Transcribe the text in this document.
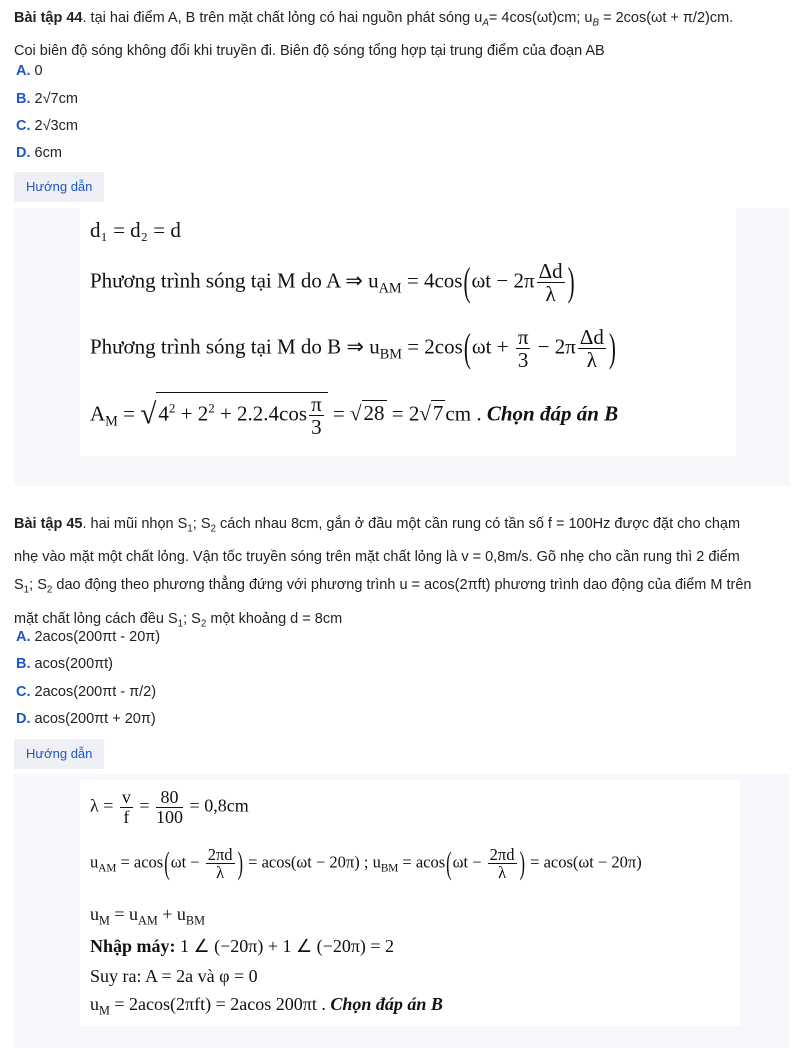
Bài tập 44. tại hai điểm A, B trên mặt chất lỏng có hai nguồn phát sóng $u_A= 4\cos(\omega t)cm$; $u_B = 2\cos(\omega t + \pi/2)cm$.
Coi biên độ sóng không đổi khi truyền đi. Biên độ sóng tổng hợp tại trung điểm của đoạn AB
A. 0
B. 2√7cm
C. 2√3cm
D. 6cm
Hướng dẫn
d₁ = d₂ = d
Phương trình sóng tại M do A ⇒ $u_{AM} = 4\cos(\omega t - 2\pi \frac{\Delta d}{\lambda}$ )
Phương trình sóng tại M do B ⇒ $u_{BM} = 2\cos(\omega t + \frac{\pi}{3} - 2\pi \frac{\Delta d}{\lambda}$ )
$A_M = √4^2 + 2^2 + 2.2.4\cos \frac{\pi}{3} = √28 = 2√7cm$ . Chọn đáp án B
Bài tập 45. hai mũi nhọn $S_1$; $S_2$ cách nhau 8cm, gắn ở đầu một cần rung có tần số f = 100Hz được đặt cho chạm
nhẹ vào mặt một chất lỏng. Vận tốc truyền sóng trên mặt chất lỏng là v = 0,8m/s. Gõ nhẹ cho cần rung thì 2 điểm
$S_1$; $S_2$ dao động theo phương thẳng đứng với phương trình u = acos(2πft) phương trình dao động của điểm M trên
mặt chất lỏng cách đều $S_1$; $S_2$ một khoảng d = 8cm
A. 2acos(200πt - 20π)
B. acos(200πt)
C. 2acos(200πt - π/2)
D. acos(200πt + 20π)
Hướng dẫn
$\lambda = \frac{v}{f} = \frac{80}{100} = 0,8cm$
$u_{AM} = acos(\omega t - \frac{2\pi d}{\lambda}$ ) = acos(ωt − 20π) ; $u_{BM} = acos(\omega t - \frac{2\pi d}{\lambda}$ ) = acos(ωt − 20π)
$u_M = u_{AM} + u_{BM}$
Nhập máy: 1 ∠ (−20π) + 1 ∠ (−20π) = 2
Suy ra: A = 2a và φ = 0
$u_M = 2acos(2\pi ft) = 2acos$ 200πt . Chọn đáp án B
